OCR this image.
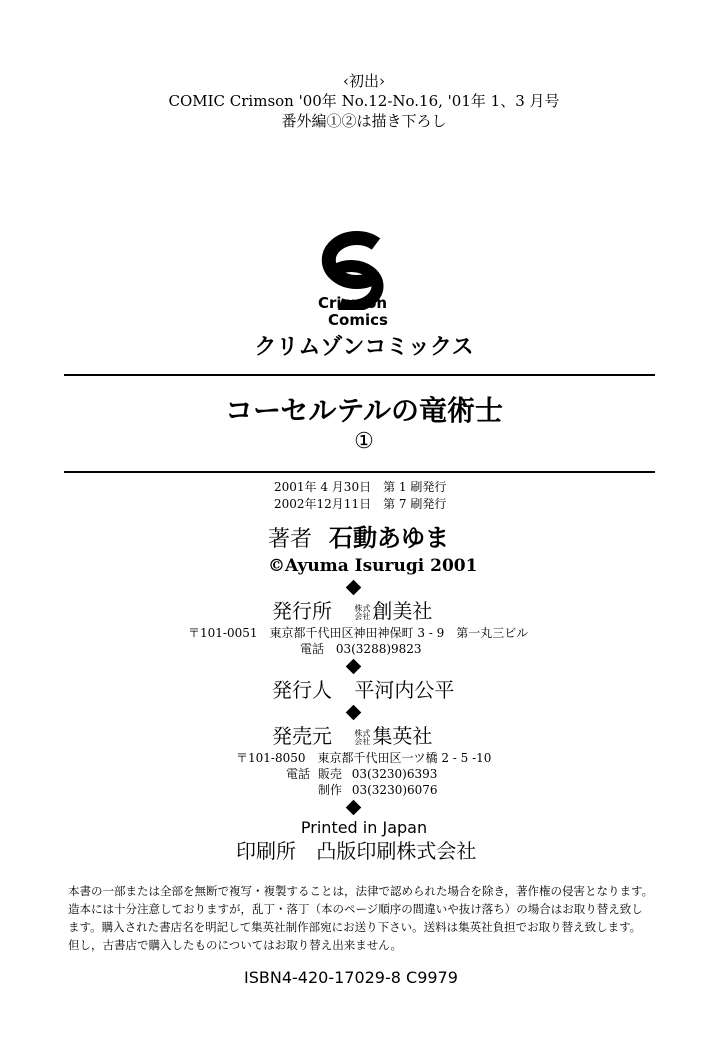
‹初出›
COMIC Crimson '00年 No.12-No.16, '01年 1、3 月号
番外編①②は描き下ろし
Crimson
Comics
クリムゾンコミックス
コーセルテルの竜術士
①
2001年 4 月30日　第 1 刷発行
2002年12月11日　第 7 刷発行
著者 石動あゆま
©Ayuma Isurugi 2001
発行所	株式
会社 創美社
〒101-0051　東京都千代田区神田神保町 3 - 9　第一丸三ビル
電話 03(3288)9823
発行人 平河内公平
発売元	株式
会社 集英社
〒101-8050　東京都千代田区一ツ橋 2 - 5 -10
電話 販売 03(3230)6393
制作 03(3230)6076
Printed in Japan
印刷所 凸版印刷株式会社
本書の一部または全部を無断で複写・複製することは，法律で認められた場合を除き，著作権の侵害となります。
造本には十分注意しておりますが，乱丁・落丁（本のページ順序の間違いや抜け落ち）の場合はお取り替え致し
ます。購入された書店名を明記して集英社制作部宛にお送り下さい。送料は集英社負担でお取り替え致します。
但し，古書店で購入したものについてはお取り替え出来ません。
ISBN4-420-17029-8 C9979
